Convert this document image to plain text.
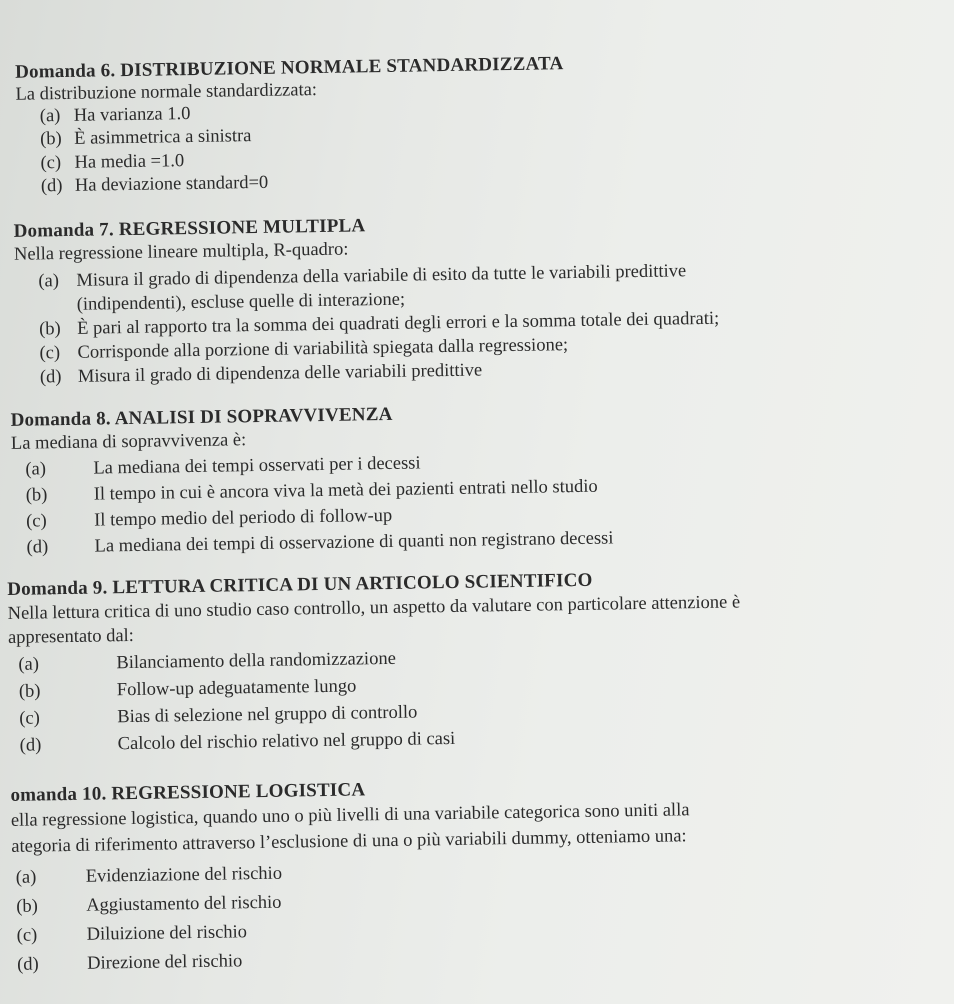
Domanda 6. DISTRIBUZIONE NORMALE STANDARDIZZATA
La distribuzione normale standardizzata:
(a) Ha varianza 1.0
(b) È asimmetrica a sinistra
(c) Ha media =1.0
(d) Ha deviazione standard=0
Domanda 7. REGRESSIONE MULTIPLA
Nella regressione lineare multipla, R-quadro:
(a) Misura il grado di dipendenza della variabile di esito da tutte le variabili predittive
(indipendenti), escluse quelle di interazione;
(b) È pari al rapporto tra la somma dei quadrati degli errori e la somma totale dei quadrati;
(c) Corrisponde alla porzione di variabilità spiegata dalla regressione;
(d) Misura il grado di dipendenza delle variabili predittive
Domanda 8. ANALISI DI SOPRAVVIVENZA
La mediana di sopravvivenza è:
(a)	La mediana dei tempi osservati per i decessi
(b) Il tempo in cui è ancora viva la metà dei pazienti entrati nello studio
(c)	Il tempo medio del periodo di follow-up
(d) La mediana dei tempi di osservazione di quanti non registrano decessi
Domanda 9. LETTURA CRITICA DI UN ARTICOLO SCIENTIFICO
Nella lettura critica di uno studio caso controllo, un aspetto da valutare con particolare attenzione è
appresentato dal:
(a)	Bilanciamento della randomizzazione
(b)	Follow-up adeguatamente lungo
(c)	Bias di selezione nel gruppo di controllo
(d)	Calcolo del rischio relativo nel gruppo di casi
omanda 10. REGRESSIONE LOGISTICA
ella regressione logistica, quando uno o più livelli di una variabile categorica sono uniti alla
ategoria di riferimento attraverso l’esclusione di una o più variabili dummy, otteniamo una:
(a)	Evidenziazione del rischio
(b)	Aggiustamento del rischio
(c)	Diluizione del rischio
(d)	Direzione del rischio
